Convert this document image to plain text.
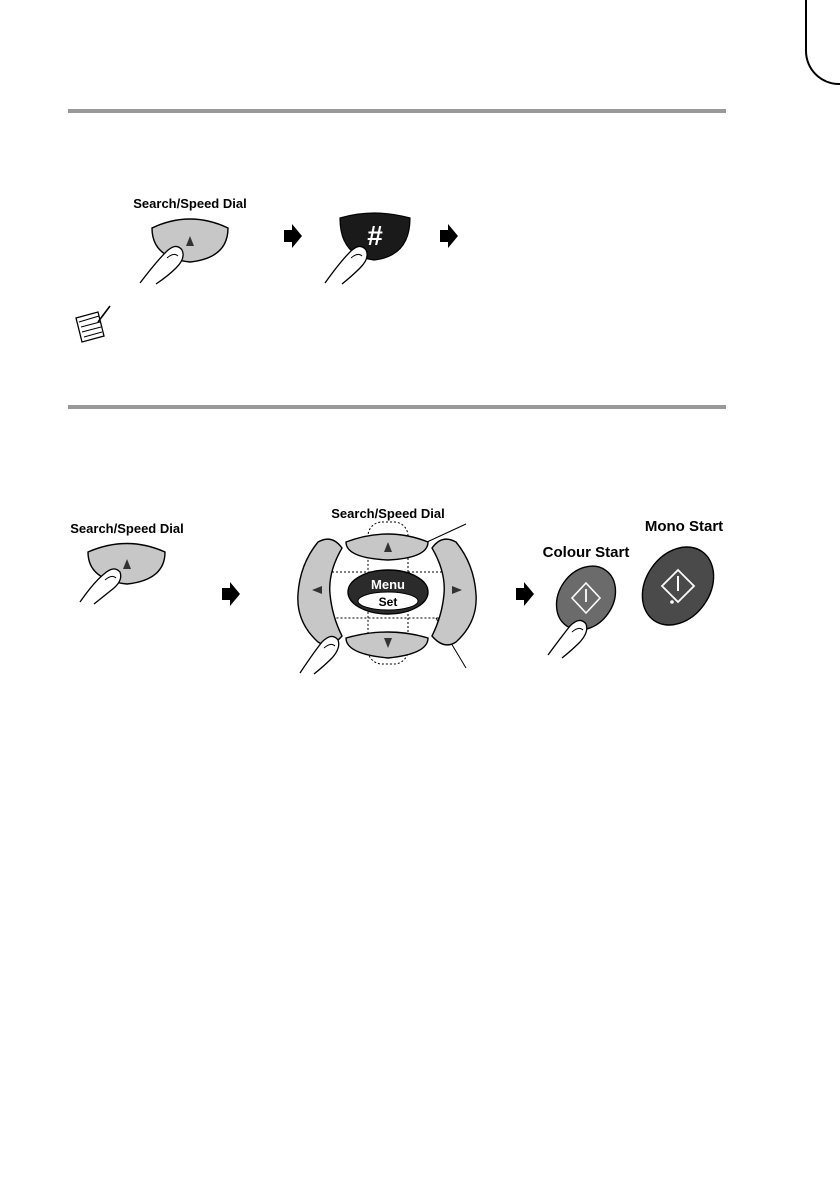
Search/Speed Dial
#
Search/Speed Dial
Search/Speed Dial
Menu
Set
Colour Start
Mono Start
